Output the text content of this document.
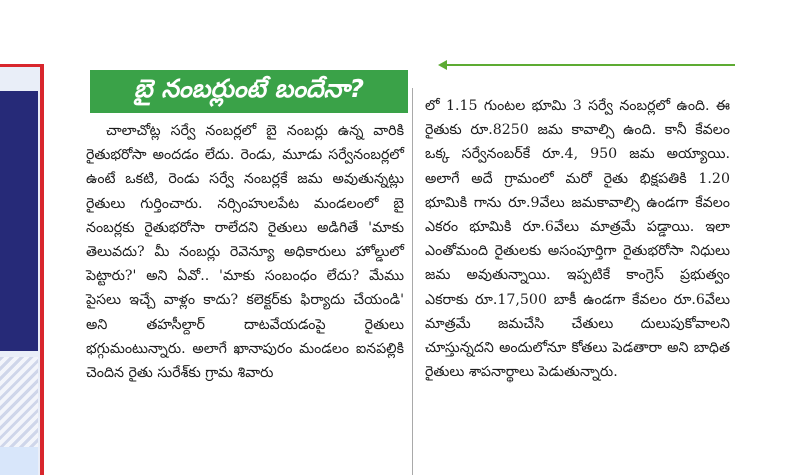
బై నంబర్లుంటే బందేనా?

చాలాచోట్ల సర్వే నంబర్లలో బై నంబర్లు ఉన్న వారికి రైతుభరోసా అందడం లేదు. రెండు, మూడు సర్వేనంబర్లలో ఉంటే ఒకటి, రెండు సర్వే నంబర్లకే జమ అవుతున్నట్లు రైతులు గుర్తించారు. నర్సింహులపేట మండలంలో బై నంబర్లకు రైతుభరోసా రాలేదని రైతులు అడిగితే 'మాకు తెలువదు? మీ నంబర్లు రెవెన్యూ అధికారులు హోల్డులో పెట్టారు?' అని ఏవో.. 'మాకు సంబంధం లేదు? మేము పైసలు ఇచ్చే వాళ్లం కాదు? కలెక్టర్‌కు ఫిర్యాదు చేయండి' అని తహసీల్దార్ దాటవేయడంపై రైతులు భగ్గుమంటున్నారు. అలాగే ఖానాపురం మండలం ఐనపల్లికి చెందిన రైతు సురేశ్‌కు గ్రామ శివారు

లో 1.15 గుంటల భూమి 3 సర్వే నంబర్లలో ఉంది. ఈ రైతుకు రూ.8250 జమ కావాల్సి ఉంది. కానీ కేవలం ఒక్క సర్వేనంబర్‌కే రూ.4, 950 జమ అయ్యాయి. అలాగే అదే గ్రామంలో మరో రైతు భిక్షపతికి 1.20 భూమికి గాను రూ.9వేలు జమకావాల్సి ఉండగా కేవలం ఎకరం భూమికి రూ.6వేలు మాత్రమే పడ్డాయి. ఇలా ఎంతోమంది రైతులకు అసంపూర్తిగా రైతుభరోసా నిధులు జమ అవుతున్నాయి. ఇప్పటికే కాంగ్రెస్ ప్రభుత్వం ఎకరాకు రూ.17,500 బాకీ ఉండగా కేవలం రూ.6వేలు మాత్రమే జమచేసి చేతులు దులుపుకోవాలని చూస్తున్నదని అందులోనూ కోతలు పెడతారా అని బాధిత రైతులు శాపనార్థాలు పెడుతున్నారు.
